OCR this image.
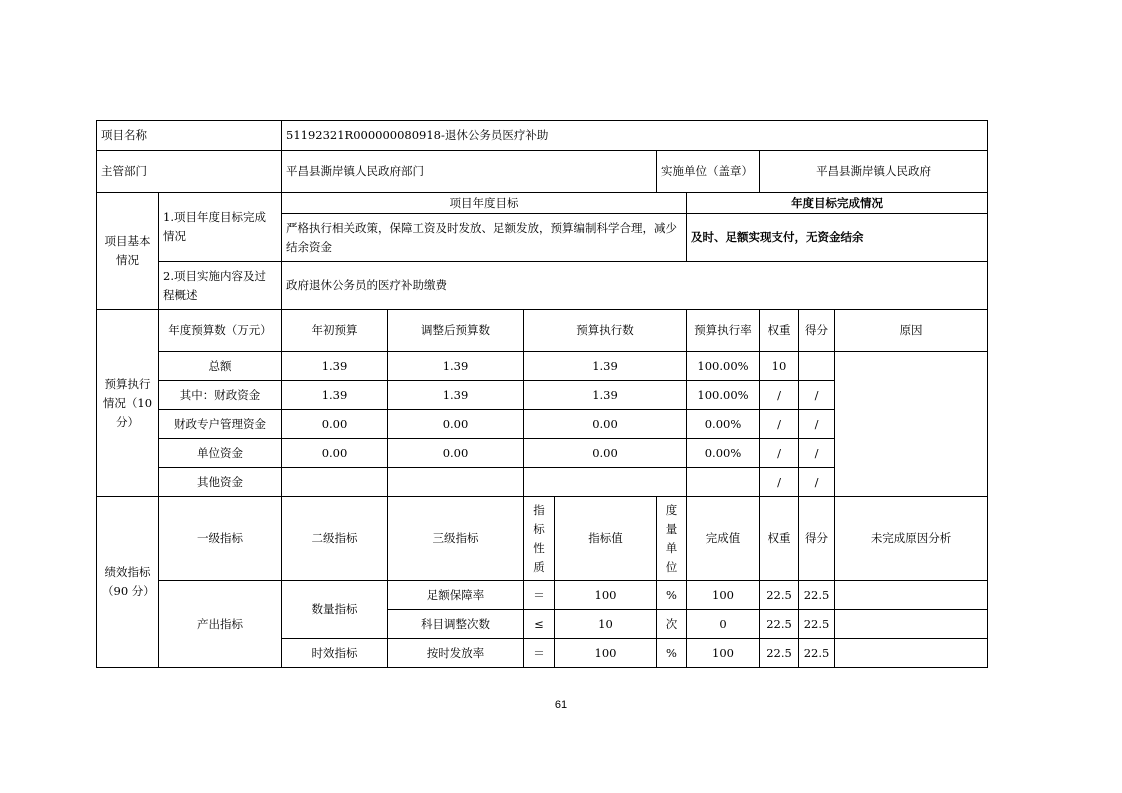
项目名称		51192321R000000080918-退休公务员医疗补助								
主管部门		平昌县澌岸镇人民政府部门				实施单位（盖章）		平昌县澌岸镇人民政府		
项目基本情况	1.项目年度目标完成情况	项目年度目标					年度目标完成情况			
		严格执行相关政策，保障工资及时发放、足额发放，预算编制科学合理，减少结余资金					及时、足额实现支付，无资金结余			
	2.项目实施内容及过程概述	政府退休公务员的医疗补助缴费								
预算执行情况（10 分）	年度预算数（万元）	年初预算	调整后预算数	预算执行数			预算执行率	权重	得分	原因
	总额	1.39	1.39	1.39			100.00%	10		
	其中：财政资金	1.39	1.39	1.39			100.00%	/	/	
	财政专户管理资金	0.00	0.00	0.00			0.00%	/	/	
	单位资金	0.00	0.00	0.00			0.00%	/	/	
	其他资金							/	/	
绩效指标（90 分）	一级指标	二级指标	三级指标	指标性质	指标值	度量单位	完成值	权重	得分	未完成原因分析
	产出指标	数量指标	足额保障率	＝	100	%	100	22.5	22.5	
			科目调整次数	≤	10	次	0	22.5	22.5	
		时效指标	按时发放率	＝	100	%	100	22.5	22.5	
61
